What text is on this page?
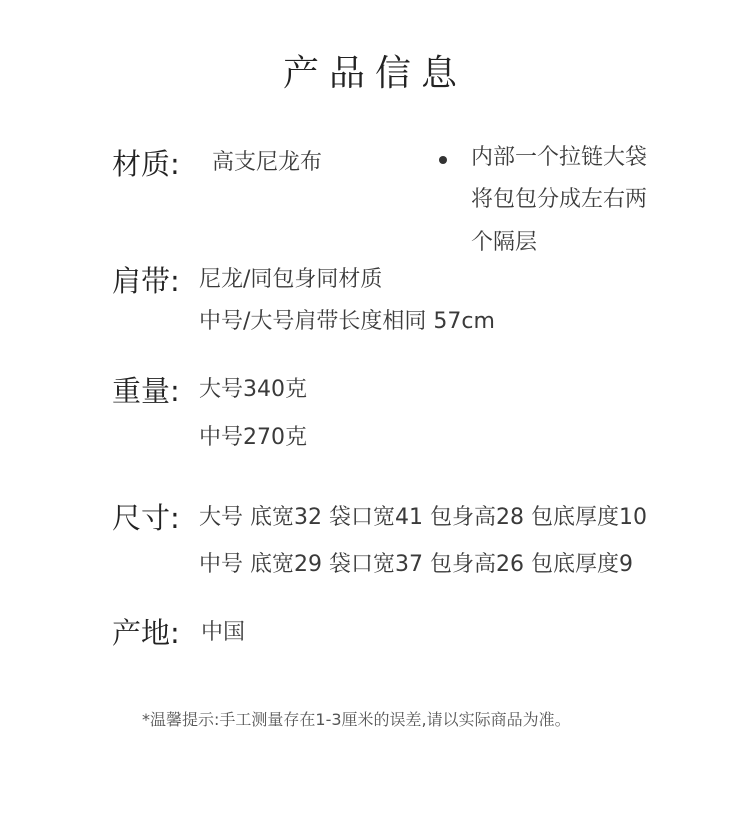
产品信息
材质: 高支尼龙布	内部一个拉链大袋
将包包分成左右两
个隔层
肩带: 尼龙/同包身同材质
中号/大号肩带长度相同 57cm
重量: 大号340克
中号270克
尺寸: 大号 底宽32 袋口宽41 包身高28 包底厚度10
中号 底宽29 袋口宽37 包身高26 包底厚度9
产地: 中国
*温馨提示:手工测量存在1-3厘米的误差,请以实际商品为准。
